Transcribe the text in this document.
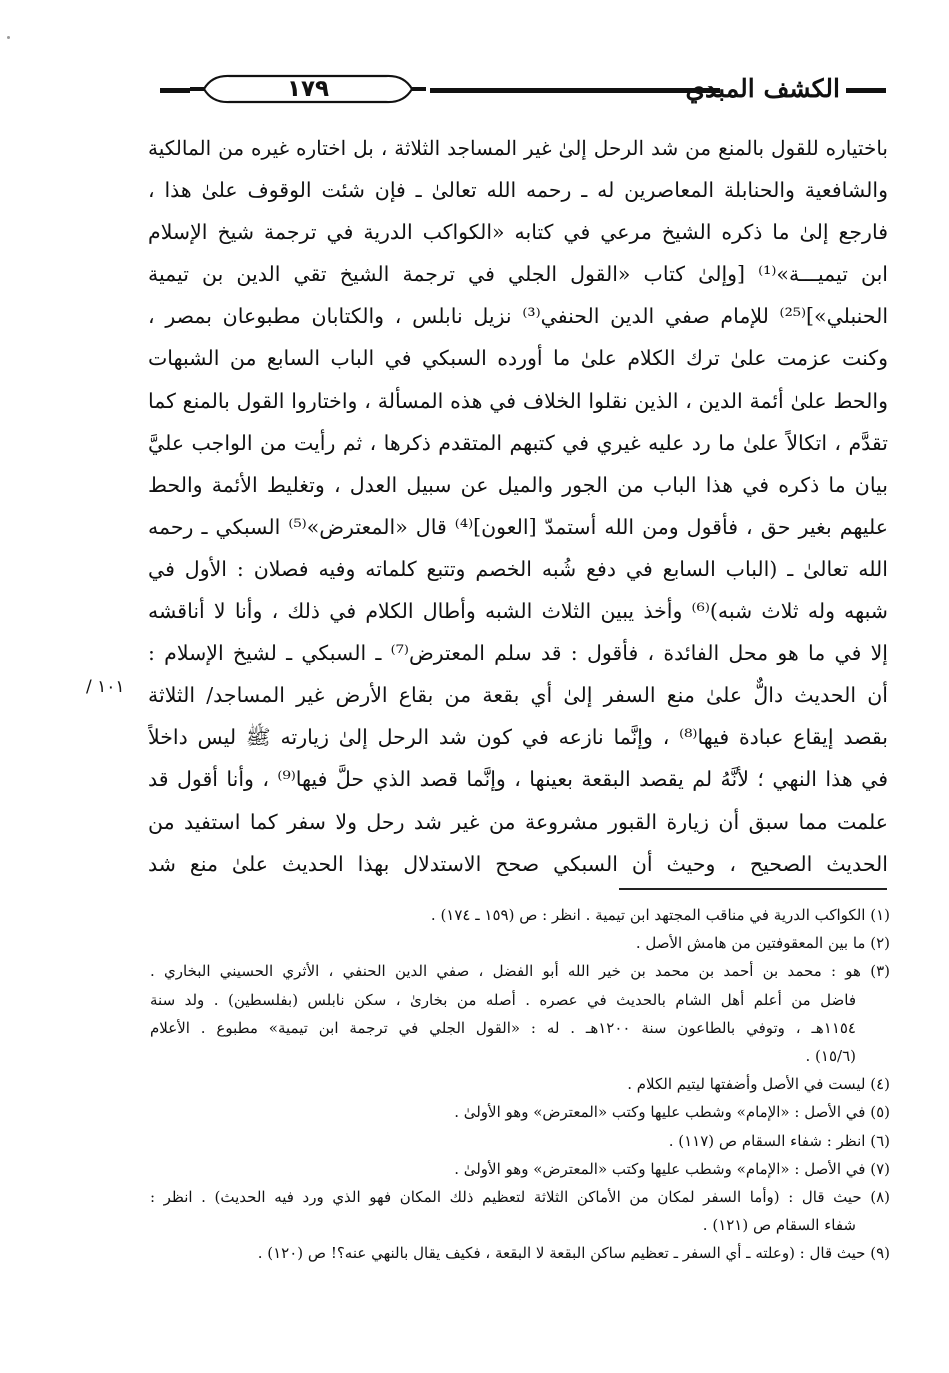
١٧٩	الكشف المبدي
باختياره للقول بالمنع من شد الرحل إلىٰ غير المساجد الثلاثة ، بل اختاره غيره من المالكية
والشافعية والحنابلة المعاصرين له ـ رحمه الله تعالىٰ ـ فإن شئت الوقوف علىٰ هذا ،
فارجع إلىٰ ما ذكره الشيخ مرعي في كتابه «الكواكب الدرية في ترجمة شيخ الإسلام
ابن تيميـــة»⁽¹⁾ [وإلىٰ كتاب «القول الجلي في ترجمة الشيخ تقي الدين بن تيمية
الحنبلي»]⁽²⁵⁾ للإمام صفي الدين الحنفي⁽³⁾ نزيل نابلس ، والكتابان مطبوعان بمصر ،
وكنت عزمت علىٰ ترك الكلام علىٰ ما أورده السبكي في الباب السابع من الشبهات
والحط علىٰ أئمة الدين ، الذين نقلوا الخلاف في هذه المسألة ، واختاروا القول بالمنع كما
تقدَّم ، اتكالاً علىٰ ما رد عليه غيري في كتبهم المتقدم ذكرها ، ثم رأيت من الواجب عليَّ
بيان ما ذكره في هذا الباب من الجور والميل عن سبيل العدل ، وتغليط الأئمة والحط
عليهم بغير حق ، فأقول ومن الله أستمدّ [العون]⁽⁴⁾ قال «المعترض»⁽⁵⁾ السبكي ـ رحمه
الله تعالىٰ ـ (الباب السابع في دفع شُبه الخصم وتتبع كلماته وفيه فصلان : الأول في
شبهه وله ثلاث شبه)⁽⁶⁾ وأخذ يبين الثلاث الشبه وأطال الكلام في ذلك ، وأنا لا أناقشه
إلا في ما هو محل الفائدة ، فأقول : قد سلم المعترض⁽⁷⁾ ـ السبكي ـ لشيخ الإسلام :
أن الحديث دالٌّ علىٰ منع السفر إلىٰ أي بقعة من بقاع الأرض غير المساجد/ الثلاثة
بقصد إيقاع عبادة فيها⁽⁸⁾ ، وإنَّما نازعه في كون شد الرحل إلىٰ زيارته ﷺ ليس داخلاً
في هذا النهي ؛ لأنَّهُ لم يقصد البقعة بعينها ، وإنَّما قصد الذي حلَّ فيها⁽⁹⁾ ، وأنا أقول قد
علمت مما سبق أن زيارة القبور مشروعة من غير شد رحل ولا سفر كما استفيد من
الحديث الصحيح ، وحيث أن السبكي صحح الاستدلال بهذا الحديث علىٰ منع شد
/ ١٠١
(١) الكواكب الدرية في مناقب المجتهد ابن تيمية . انظر : ص (١٥٩ ـ ١٧٤) .
(٢) ما بين المعقوفتين من هامش الأصل .
(٣) هو : محمد بن أحمد بن محمد بن خير الله أبو الفضل ، صفي الدين الحنفي ، الأثري الحسيني البخاري .
فاضل من أعلم أهل الشام بالحديث في عصره . أصله من بخارىٰ ، سكن نابلس (بفلسطين) . ولد سنة
١١٥٤هـ ، وتوفي بالطاعون سنة ١٢٠٠هـ . له : «القول الجلي في ترجمة ابن تيمية» مطبوع . الأعلام
(١٥/٦) .
(٤) ليست في الأصل وأضفتها ليتيم الكلام .
(٥) في الأصل : «الإمام» وشطب عليها وكتب «المعترض» وهو الأولىٰ .
(٦) انظر : شفاء السقام ص (١١٧) .
(٧) في الأصل : «الإمام» وشطب عليها وكتب «المعترض» وهو الأولىٰ .
(٨) حيث قال : (وأما السفر لمكان من الأماكن الثلاثة لتعظيم ذلك المكان فهو الذي ورد فيه الحديث) . انظر :
شفاء السقام ص (١٢١) .
(٩) حيث قال : (وعلته ـ أي السفر ـ تعظيم ساكن البقعة لا البقعة ، فكيف يقال بالنهي عنه؟! ص (١٢٠) .
